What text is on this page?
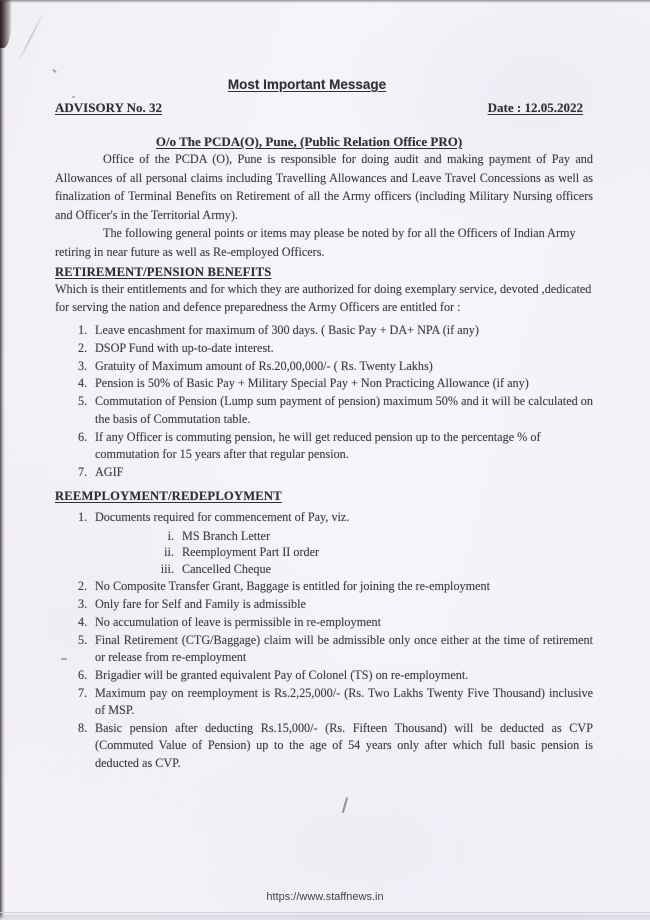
Most Important Message
ADVISORY No. 32	Date : 12.05.2022
O/o The PCDA(O), Pune, (Public Relation Office PRO)

Office of the PCDA (O), Pune is responsible for doing audit and making payment of Pay and Allowances of all personal claims including Travelling Allowances and Leave Travel Concessions as well as finalization of Terminal Benefits on Retirement of all the Army officers (including Military Nursing officers and Officer's in the Territorial Army).

The following general points or items may please be noted by for all the Officers of Indian Army retiring in near future as well as Re-employed Officers.

RETIREMENT/PENSION BENEFITS

Which is their entitlements and for which they are authorized for doing exemplary service, devoted ,dedicated for serving the nation and defence preparedness the Army Officers are entitled for :

Leave encashment for maximum of 300 days. ( Basic Pay + DA+ NPA (if any)
DSOP Fund with up-to-date interest.
Gratuity of Maximum amount of Rs.20,00,000/- ( Rs. Twenty Lakhs)
Pension is 50% of Basic Pay + Military Special Pay + Non Practicing Allowance (if any)
Commutation of Pension (Lump sum payment of pension) maximum 50% and it will be calculated on the basis of Commutation table.
If any Officer is commuting pension, he will get reduced pension up to the percentage % of commutation for 15 years after that regular pension.
AGIF
REEMPLOYMENT/REDEPLOYMENT
Documents required for commencement of Pay, viz.
MS Branch Letter
Reemployment Part II order
Cancelled Cheque
No Composite Transfer Grant, Baggage is entitled for joining the re-employment
Only fare for Self and Family is admissible
No accumulation of leave is permissible in re-employment
Final Retirement (CTG/Baggage) claim will be admissible only once either at the time of retirement or release from re-employment
Brigadier will be granted equivalent Pay of Colonel (TS) on re-employment.
Maximum pay on reemployment is Rs.2,25,000/- (Rs. Two Lakhs Twenty Five Thousand) inclusive of MSP.
Basic pension after deducting Rs.15,000/- (Rs. Fifteen Thousand) will be deducted as CVP (Commuted Value of Pension) up to the age of 54 years only after which full basic pension is deducted as CVP.
https://www.staffnews.in
